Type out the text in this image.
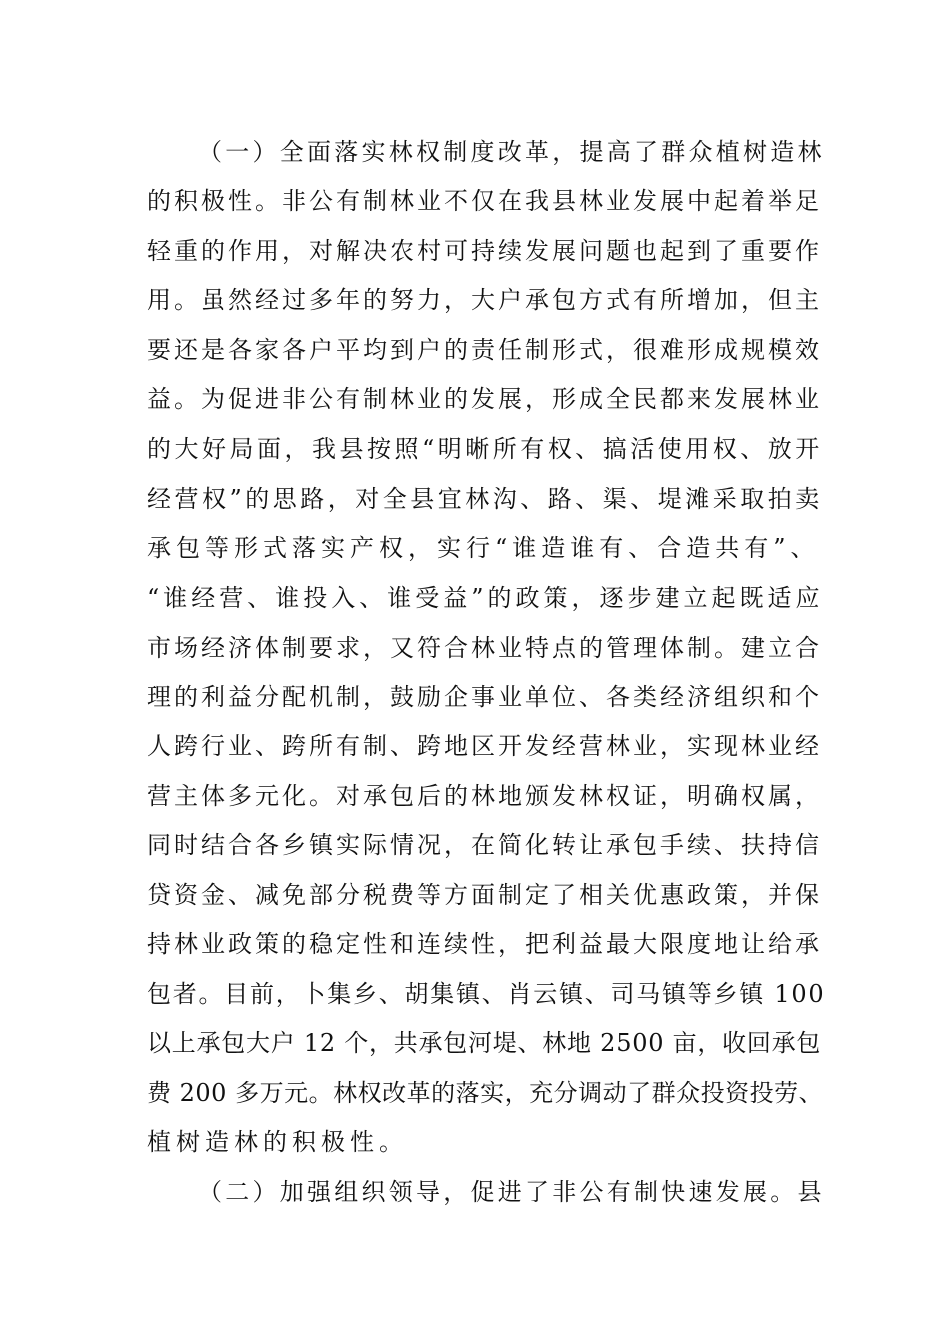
（一）全面落实林权制度改革，提高了群众植树造林
的积极性。非公有制林业不仅在我县林业发展中起着举足
轻重的作用，对解决农村可持续发展问题也起到了重要作
用。虽然经过多年的努力，大户承包方式有所增加，但主
要还是各家各户平均到户的责任制形式，很难形成规模效
益。为促进非公有制林业的发展，形成全民都来发展林业
的大好局面，我县按照“明晰所有权、搞活使用权、放开
经营权”的思路，对全县宜林沟、路、渠、堤滩采取拍卖
承包等形式落实产权，实行“谁造谁有、合造共有”、
“谁经营、谁投入、谁受益”的政策，逐步建立起既适应
市场经济体制要求，又符合林业特点的管理体制。建立合
理的利益分配机制，鼓励企事业单位、各类经济组织和个
人跨行业、跨所有制、跨地区开发经营林业，实现林业经
营主体多元化。对承包后的林地颁发林权证，明确权属，
同时结合各乡镇实际情况，在简化转让承包手续、扶持信
贷资金、减免部分税费等方面制定了相关优惠政策，并保
持林业政策的稳定性和连续性，把利益最大限度地让给承
包者。目前，卜集乡、胡集镇、肖云镇、司马镇等乡镇 100
以上承包大户 12 个，共承包河堤、林地 2500 亩，收回承包
费 200 多万元。林权改革的落实，充分调动了群众投资投劳、
植树造林的积极性。
（二）加强组织领导，促进了非公有制快速发展。县
